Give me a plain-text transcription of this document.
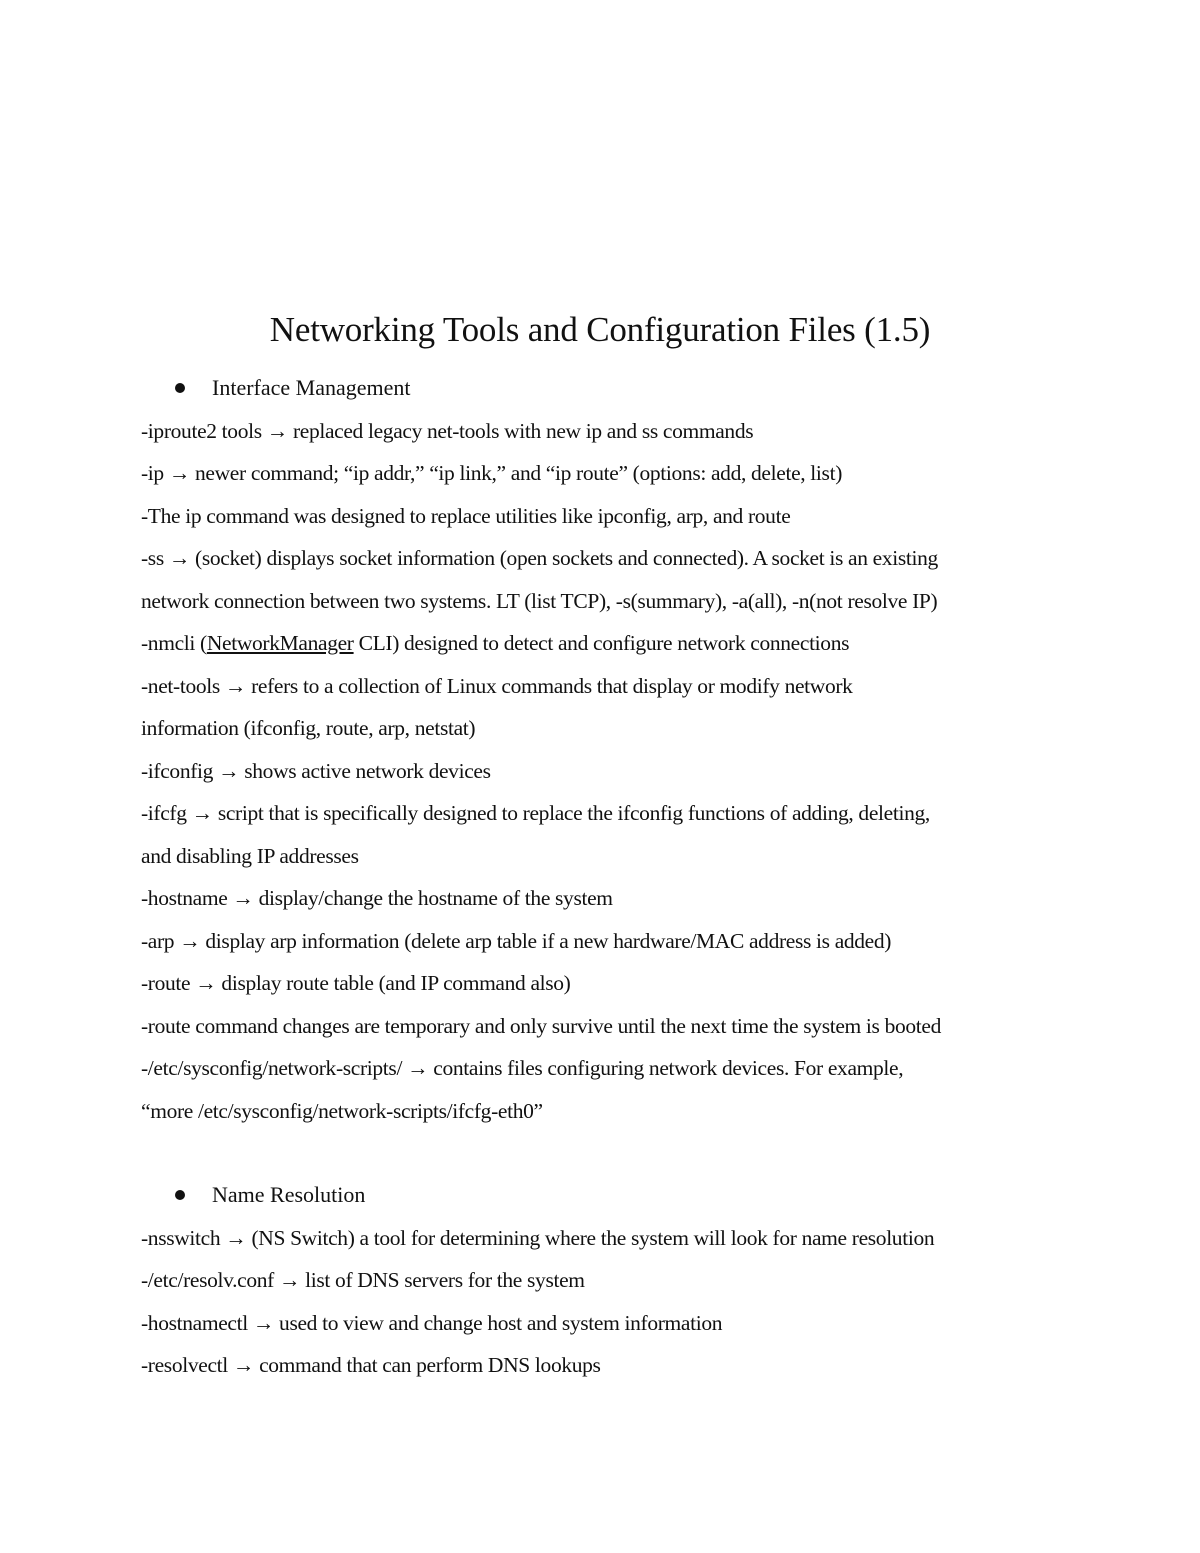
Networking Tools and Configuration Files (1.5)
Interface Management
-iproute2 tools → replaced legacy net-tools with new ip and ss commands
-ip → newer command; “ip addr,” “ip link,” and “ip route” (options: add, delete, list)
-The ip command was designed to replace utilities like ipconfig, arp, and route
-ss → (socket) displays socket information (open sockets and connected). A socket is an existing
network connection between two systems. LT (list TCP), -s(summary), -a(all), -n(not resolve IP)
-nmcli (NetworkManager CLI) designed to detect and configure network connections
-net-tools → refers to a collection of Linux commands that display or modify network
information (ifconfig, route, arp, netstat)
-ifconfig → shows active network devices
-ifcfg → script that is specifically designed to replace the ifconfig functions of adding, deleting,
and disabling IP addresses
-hostname → display/change the hostname of the system
-arp → display arp information (delete arp table if a new hardware/MAC address is added)
-route → display route table (and IP command also)
-route command changes are temporary and only survive until the next time the system is booted
-/etc/sysconfig/network-scripts/ → contains files configuring network devices. For example,
“more /etc/sysconfig/network-scripts/ifcfg-eth0”
Name Resolution
-nsswitch → (NS Switch) a tool for determining where the system will look for name resolution
-/etc/resolv.conf → list of DNS servers for the system
-hostnamectl → used to view and change host and system information
-resolvectl → command that can perform DNS lookups
